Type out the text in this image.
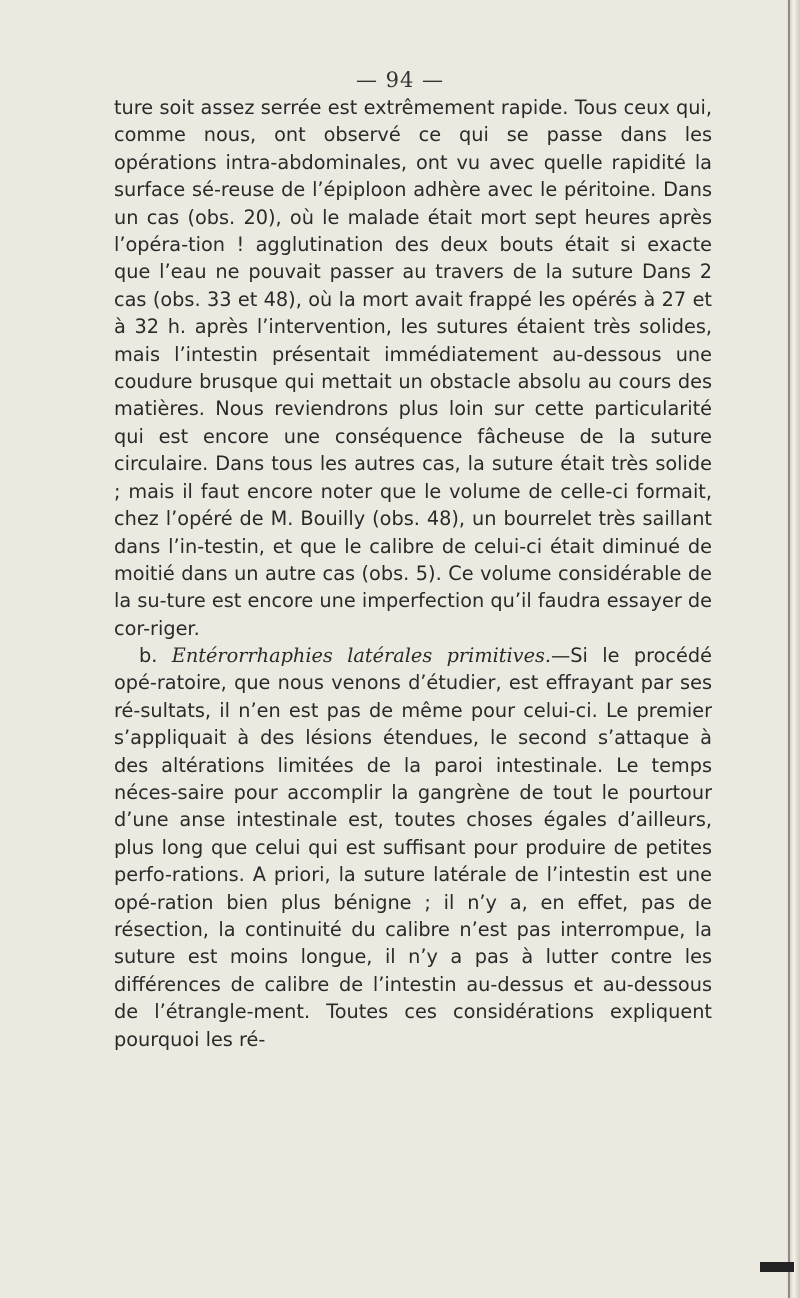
— 94 —

ture soit assez serrée est extrêmement rapide. Tous ceux qui, comme nous, ont observé ce qui se passe dans les opérations intra-abdominales, ont vu avec quelle rapidité la surface sé-reuse de l’épiploon adhère avec le péritoine. Dans un cas (obs. 20), où le malade était mort sept heures après l’opéra-tion ! agglutination des deux bouts était si exacte que l’eau ne pouvait passer au travers de la suture Dans 2 cas (obs. 33 et 48), où la mort avait frappé les opérés à 27 et à 32 h. après l’intervention, les sutures étaient très solides, mais l’intestin présentait immédiatement au-dessous une coudure brusque qui mettait un obstacle absolu au cours des matières. Nous reviendrons plus loin sur cette particularité qui est encore une conséquence fâcheuse de la suture circulaire. Dans tous les autres cas, la suture était très solide ; mais il faut encore noter que le volume de celle-ci formait, chez l’opéré de M. Bouilly (obs. 48), un bourrelet très saillant dans l’in-testin, et que le calibre de celui-ci était diminué de moitié dans un autre cas (obs. 5). Ce volume considérable de la su-ture est encore une imperfection qu’il faudra essayer de cor-riger.

b. Entérorrhaphies latérales primitives.—Si le procédé opé-ratoire, que nous venons d’étudier, est effrayant par ses ré-sultats, il n’en est pas de même pour celui-ci. Le premier s’appliquait à des lésions étendues, le second s’attaque à des altérations limitées de la paroi intestinale. Le temps néces-saire pour accomplir la gangrène de tout le pourtour d’une anse intestinale est, toutes choses égales d’ailleurs, plus long que celui qui est suffisant pour produire de petites perfo-rations. A priori, la suture latérale de l’intestin est une opé-ration bien plus bénigne ; il n’y a, en effet, pas de résection, la continuité du calibre n’est pas interrompue, la suture est moins longue, il n’y a pas à lutter contre les différences de calibre de l’intestin au-dessus et au-dessous de l’étrangle-ment. Toutes ces considérations expliquent pourquoi les ré-
